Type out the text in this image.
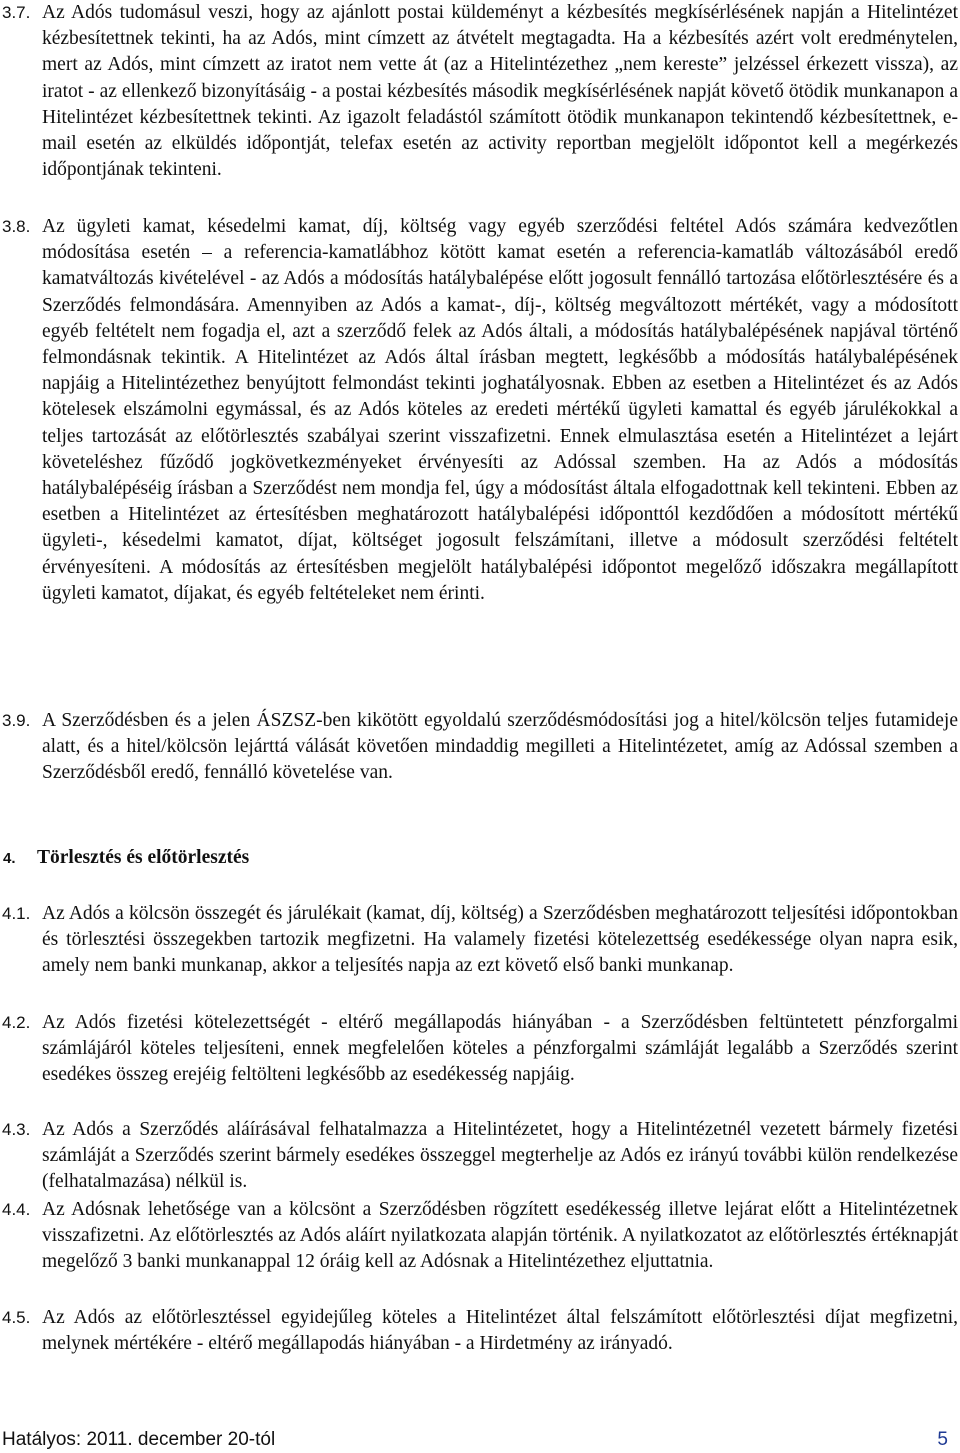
3.7. Az Adós tudomásul veszi, hogy az ajánlott postai küldeményt a kézbesítés megkísérlésének napján a Hitelintézet kézbesítettnek tekinti, ha az Adós, mint címzett az átvételt megtagadta. Ha a kézbesítés azért volt eredménytelen, mert az Adós, mint címzett az iratot nem vette át (az a Hitelintézethez „nem kereste” jelzéssel érkezett vissza), az iratot - az ellenkező bizonyításáig - a postai kézbesítés második megkísérlésének napját követő ötödik munkanapon a Hitelintézet kézbesítettnek tekinti. Az igazolt feladástól számított ötödik munkanapon tekintendő kézbesítettnek, e-mail esetén az elküldés időpontját, telefax esetén az activity reportban megjelölt időpontot kell a megérkezés időpontjának tekinteni.
3.8. Az ügyleti kamat, késedelmi kamat, díj, költség vagy egyéb szerződési feltétel Adós számára kedvezőtlen módosítása esetén – a referencia-kamatlábhoz kötött kamat esetén a referencia-kamatláb változásából eredő kamatváltozás kivételével - az Adós a módosítás hatálybalépése előtt jogosult fennálló tartozása előtörlesztésére és a Szerződés felmondására. Amennyiben az Adós a kamat-, díj-, költség megváltozott mértékét, vagy a módosított egyéb feltételt nem fogadja el, azt a szerződő felek az Adós általi, a módosítás hatálybalépésének napjával történő felmondásnak tekintik. A Hitelintézet az Adós által írásban megtett, legkésőbb a módosítás hatálybalépésének napjáig a Hitelintézethez benyújtott felmondást tekinti joghatályosnak. Ebben az esetben a Hitelintézet és az Adós kötelesek elszámolni egymással, és az Adós köteles az eredeti mértékű ügyleti kamattal és egyéb járulékokkal a teljes tartozását az előtörlesztés szabályai szerint visszafizetni. Ennek elmulasztása esetén a Hitelintézet a lejárt követeléshez fűződő jogkövetkezményeket érvényesíti az Adóssal szemben. Ha az Adós a módosítás hatálybalépéséig írásban a Szerződést nem mondja fel, úgy a módosítást általa elfogadottnak kell tekinteni. Ebben az esetben a Hitelintézet az értesítésben meghatározott hatálybalépési időponttól kezdődően a módosított mértékű ügyleti-, késedelmi kamatot, díjat, költséget jogosult felszámítani, illetve a módosult szerződési feltételt érvényesíteni. A módosítás az értesítésben megjelölt hatálybalépési időpontot megelőző időszakra megállapított ügyleti kamatot, díjakat, és egyéb feltételeket nem érinti.
3.9. A Szerződésben és a jelen ÁSZSZ-ben kikötött egyoldalú szerződésmódosítási jog a hitel/kölcsön teljes futamideje alatt, és a hitel/kölcsön lejárttá válását követően mindaddig megilleti a Hitelintézetet, amíg az Adóssal szemben a Szerződésből eredő, fennálló követelése van.
4. Törlesztés és előtörlesztés
4.1. Az Adós a kölcsön összegét és járulékait (kamat, díj, költség) a Szerződésben meghatározott teljesítési időpontokban és törlesztési összegekben tartozik megfizetni. Ha valamely fizetési kötelezettség esedékessége olyan napra esik, amely nem banki munkanap, akkor a teljesítés napja az ezt követő első banki munkanap.
4.2. Az Adós fizetési kötelezettségét - eltérő megállapodás hiányában - a Szerződésben feltüntetett pénzforgalmi számlájáról köteles teljesíteni, ennek megfelelően köteles a pénzforgalmi számláját legalább a Szerződés szerint esedékes összeg erejéig feltölteni legkésőbb az esedékesség napjáig.
4.3. Az Adós a Szerződés aláírásával felhatalmazza a Hitelintézetet, hogy a Hitelintézetnél vezetett bármely fizetési számláját a Szerződés szerint bármely esedékes összeggel megterhelje az Adós ez irányú további külön rendelkezése (felhatalmazása) nélkül is.
4.4. Az Adósnak lehetősége van a kölcsönt a Szerződésben rögzített esedékesség illetve lejárat előtt a Hitelintézetnek visszafizetni. Az előtörlesztés az Adós aláírt nyilatkozata alapján történik. A nyilatkozatot az előtörlesztés értéknapját megelőző 3 banki munkanappal 12 óráig kell az Adósnak a Hitelintézethez eljuttatnia.
4.5. Az Adós az előtörlesztéssel egyidejűleg köteles a Hitelintézet által felszámított előtörlesztési díjat megfizetni, melynek mértékére - eltérő megállapodás hiányában - a Hirdetmény az irányadó.
Hatályos: 2011. december 20-tól	5
